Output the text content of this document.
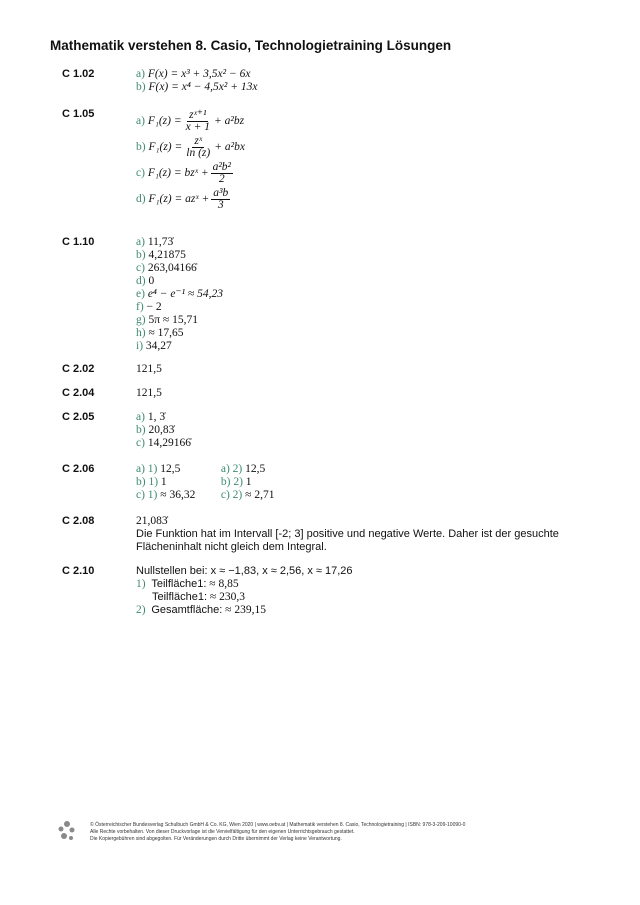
Mathematik verstehen 8. Casio, Technologietraining Lösungen
C 1.02	a) F(x) = x³ + 3,5x² − 6x
b) F(x) = x⁴ − 4,5x² + 13x
C 1.05
a)
$F_1(z) = \frac{\text{zˣ⁺¹}}{x + 1} + a^2bz$
b)
$F_1(z) = \frac{\text{zˣ}}{\ln (z)} + a^2bx$
c)
F₁(z) = bzˣ + $\frac{\text{a²b²}}{2}$
d)
F₁(z) = azˣ + $\frac{\text{a³b}}{3}$
C 1.10	a) 11,73̇
b) 4,21875
c) 263,04166̇
d) 0
e) e⁴ − e⁻¹ ≈ 54,23
f) − 2
g) 5π ≈ 15,71
h) ≈ 17,65
i) 34,27
C 2.02	121,5
C 2.04	121,5
C 2.05	a) 1, 3̇
b) 20,83̇
c) 14,29166̇
C 2.06	a) 1) 12,5	a) 2) 12,5
b) 1) 1	b) 2) 1
c) 1) ≈ 36,32 c) 2) ≈ 2,71
C 2.08	21,083̇
Die Funktion hat im Intervall [-2; 3] positive und negative Werte. Daher ist der gesuchte
Flächeninhalt nicht gleich dem Integral.
C 2.10	Nullstellen bei: x ≈ −1,83, x ≈ 2,56, x ≈ 17,26
1) Teilfläche1: ≈ 8,85
Teilfläche1: ≈ 230,3
2) Gesamtfläche: ≈ 239,15
© Österreichischer Bundesverlag Schulbuch GmbH & Co. KG, Wien 2020 | www.oebv.at | Mathematik verstehen 8. Casio, Technologietraining | ISBN: 978-3-209-10090-0
Alle Rechte vorbehalten. Von dieser Druckvorlage ist die Vervielfältigung für den eigenen Unterrichtsgebrauch gestattet.
Die Kopiergebühren sind abgegolten. Für Veränderungen durch Dritte übernimmt der Verlag keine Verantwortung.
